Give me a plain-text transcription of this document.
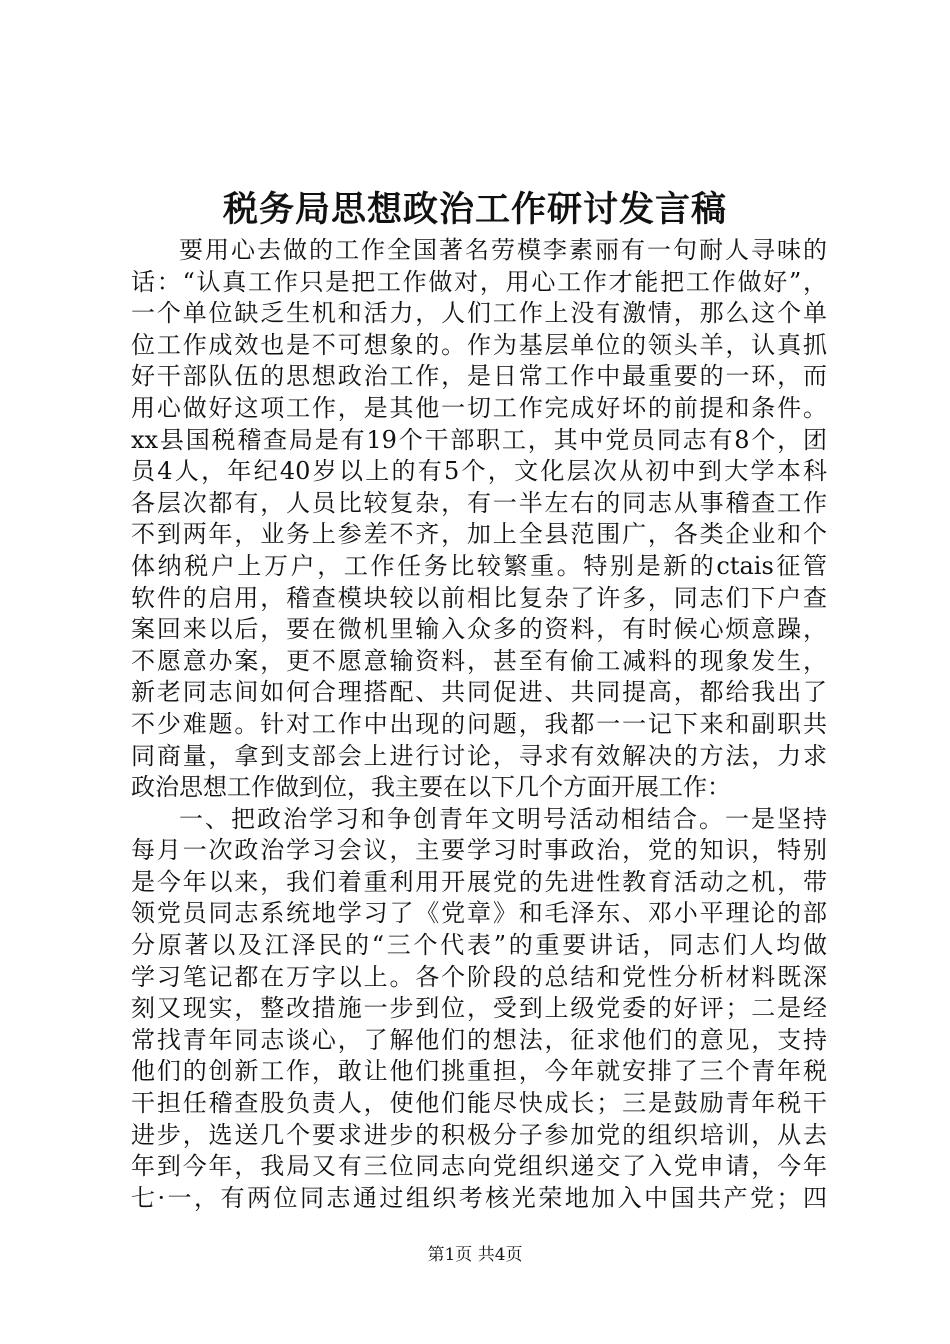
税务局思想政治工作研讨发言稿
要用心去做的工作全国著名劳模李素丽有一句耐人寻味的
话：“认真工作只是把工作做对，用心工作才能把工作做好”，
一个单位缺乏生机和活力，人们工作上没有激情，那么这个单
位工作成效也是不可想象的。作为基层单位的领头羊，认真抓
好干部队伍的思想政治工作，是日常工作中最重要的一环，而
用心做好这项工作，是其他一切工作完成好坏的前提和条件。
xx县国税稽查局是有19个干部职工，其中党员同志有8个，团
员4人，年纪40岁以上的有5个，文化层次从初中到大学本科
各层次都有，人员比较复杂，有一半左右的同志从事稽查工作
不到两年，业务上参差不齐，加上全县范围广，各类企业和个
体纳税户上万户，工作任务比较繁重。特别是新的ctais征管
软件的启用，稽查模块较以前相比复杂了许多，同志们下户查
案回来以后，要在微机里输入众多的资料，有时候心烦意躁，
不愿意办案，更不愿意输资料，甚至有偷工减料的现象发生，
新老同志间如何合理搭配、共同促进、共同提高，都给我出了
不少难题。针对工作中出现的问题，我都一一记下来和副职共
同商量，拿到支部会上进行讨论，寻求有效解决的方法，力求
政治思想工作做到位，我主要在以下几个方面开展工作：
一、把政治学习和争创青年文明号活动相结合。一是坚持
每月一次政治学习会议，主要学习时事政治，党的知识，特别
是今年以来，我们着重利用开展党的先进性教育活动之机，带
领党员同志系统地学习了《党章》和毛泽东、邓小平理论的部
分原著以及江泽民的“三个代表”的重要讲话，同志们人均做
学习笔记都在万字以上。各个阶段的总结和党性分析材料既深
刻又现实，整改措施一步到位，受到上级党委的好评；二是经
常找青年同志谈心，了解他们的想法，征求他们的意见，支持
他们的创新工作，敢让他们挑重担，今年就安排了三个青年税
干担任稽查股负责人，使他们能尽快成长；三是鼓励青年税干
进步，选送几个要求进步的积极分子参加党的组织培训，从去
年到今年，我局又有三位同志向党组织递交了入党申请，今年
七·一，有两位同志通过组织考核光荣地加入中国共产党；四
第1页 共4页
